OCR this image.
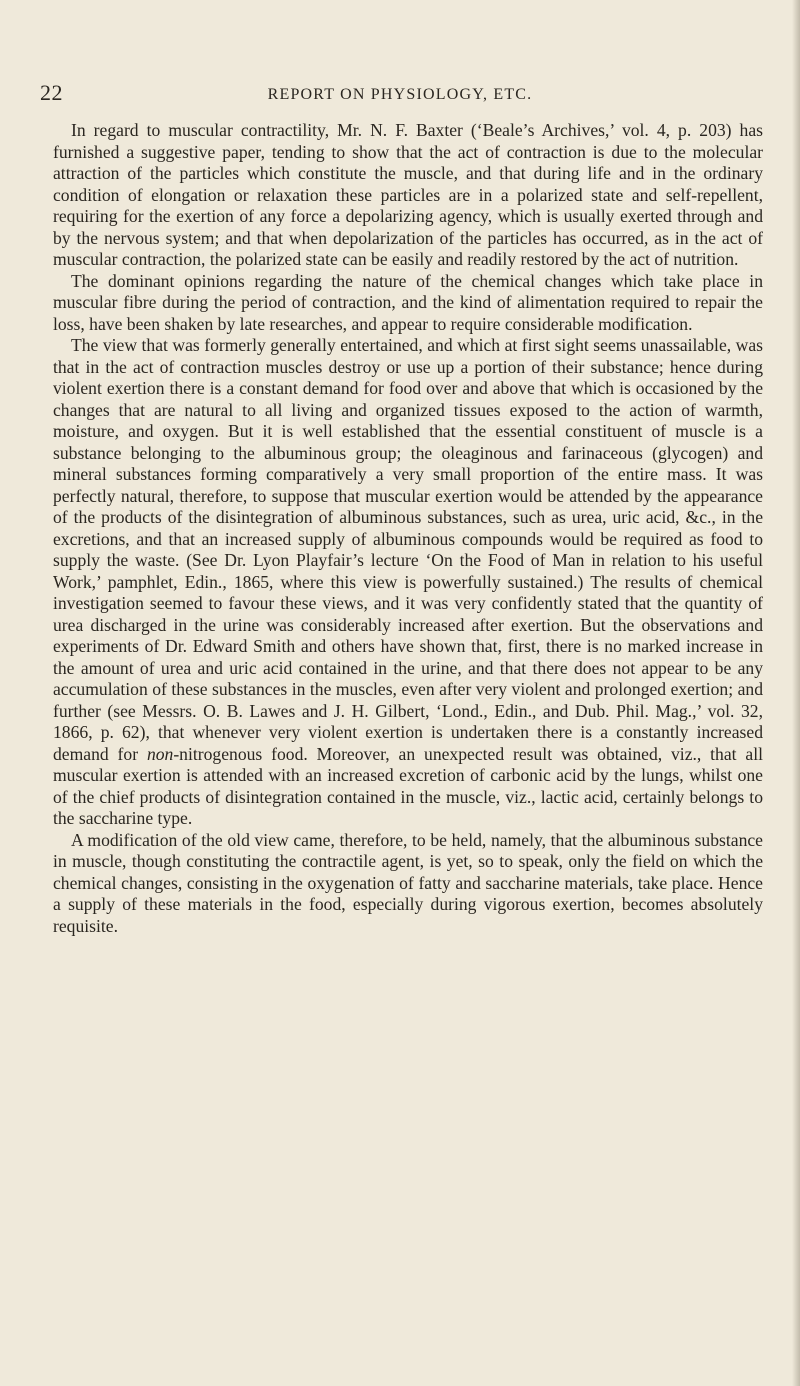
22	REPORT ON PHYSIOLOGY, ETC.

In regard to muscular contractility, Mr. N. F. Baxter (‘Beale’s Archives,’ vol. 4, p. 203) has furnished a suggestive paper, tending to show that the act of contraction is due to the molecular attraction of the particles which constitute the muscle, and that during life and in the ordinary condition of elongation or relaxation these particles are in a polarized state and self-repellent, requiring for the exertion of any force a depolarizing agency, which is usually exerted through and by the nervous system; and that when depolarization of the particles has occurred, as in the act of muscular contraction, the polarized state can be easily and readily restored by the act of nutrition.

The dominant opinions regarding the nature of the chemical changes which take place in muscular fibre during the period of contraction, and the kind of alimentation required to repair the loss, have been shaken by late researches, and appear to require considerable modification.

The view that was formerly generally entertained, and which at first sight seems unassailable, was that in the act of contraction muscles destroy or use up a portion of their substance; hence during violent exertion there is a constant demand for food over and above that which is occasioned by the changes that are natural to all living and organized tissues exposed to the action of warmth, moisture, and oxygen. But it is well established that the essential constituent of muscle is a substance belonging to the albuminous group; the oleaginous and farinaceous (glycogen) and mineral substances forming comparatively a very small proportion of the entire mass. It was perfectly natural, therefore, to suppose that muscular exertion would be attended by the appearance of the products of the disintegration of albuminous substances, such as urea, uric acid, &c., in the excretions, and that an increased supply of albuminous compounds would be required as food to supply the waste. (See Dr. Lyon Playfair’s lecture ‘On the Food of Man in relation to his useful Work,’ pamphlet, Edin., 1865, where this view is powerfully sustained.) The results of chemical investigation seemed to favour these views, and it was very confidently stated that the quantity of urea discharged in the urine was considerably increased after exertion. But the observations and experiments of Dr. Edward Smith and others have shown that, first, there is no marked increase in the amount of urea and uric acid contained in the urine, and that there does not appear to be any accumulation of these substances in the muscles, even after very violent and prolonged exertion; and further (see Messrs. O. B. Lawes and J. H. Gilbert, ‘Lond., Edin., and Dub. Phil. Mag.,’ vol. 32, 1866, p. 62), that whenever very violent exertion is undertaken there is a constantly increased demand for non-nitrogenous food. Moreover, an unexpected result was obtained, viz., that all muscular exertion is attended with an increased excretion of carbonic acid by the lungs, whilst one of the chief products of disintegration contained in the muscle, viz., lactic acid, certainly belongs to the saccharine type.

A modification of the old view came, therefore, to be held, namely, that the albuminous substance in muscle, though constituting the contractile agent, is yet, so to speak, only the field on which the chemical changes, consisting in the oxygenation of fatty and saccharine materials, take place. Hence a supply of these materials in the food, especially during vigorous exertion, becomes absolutely requisite.
